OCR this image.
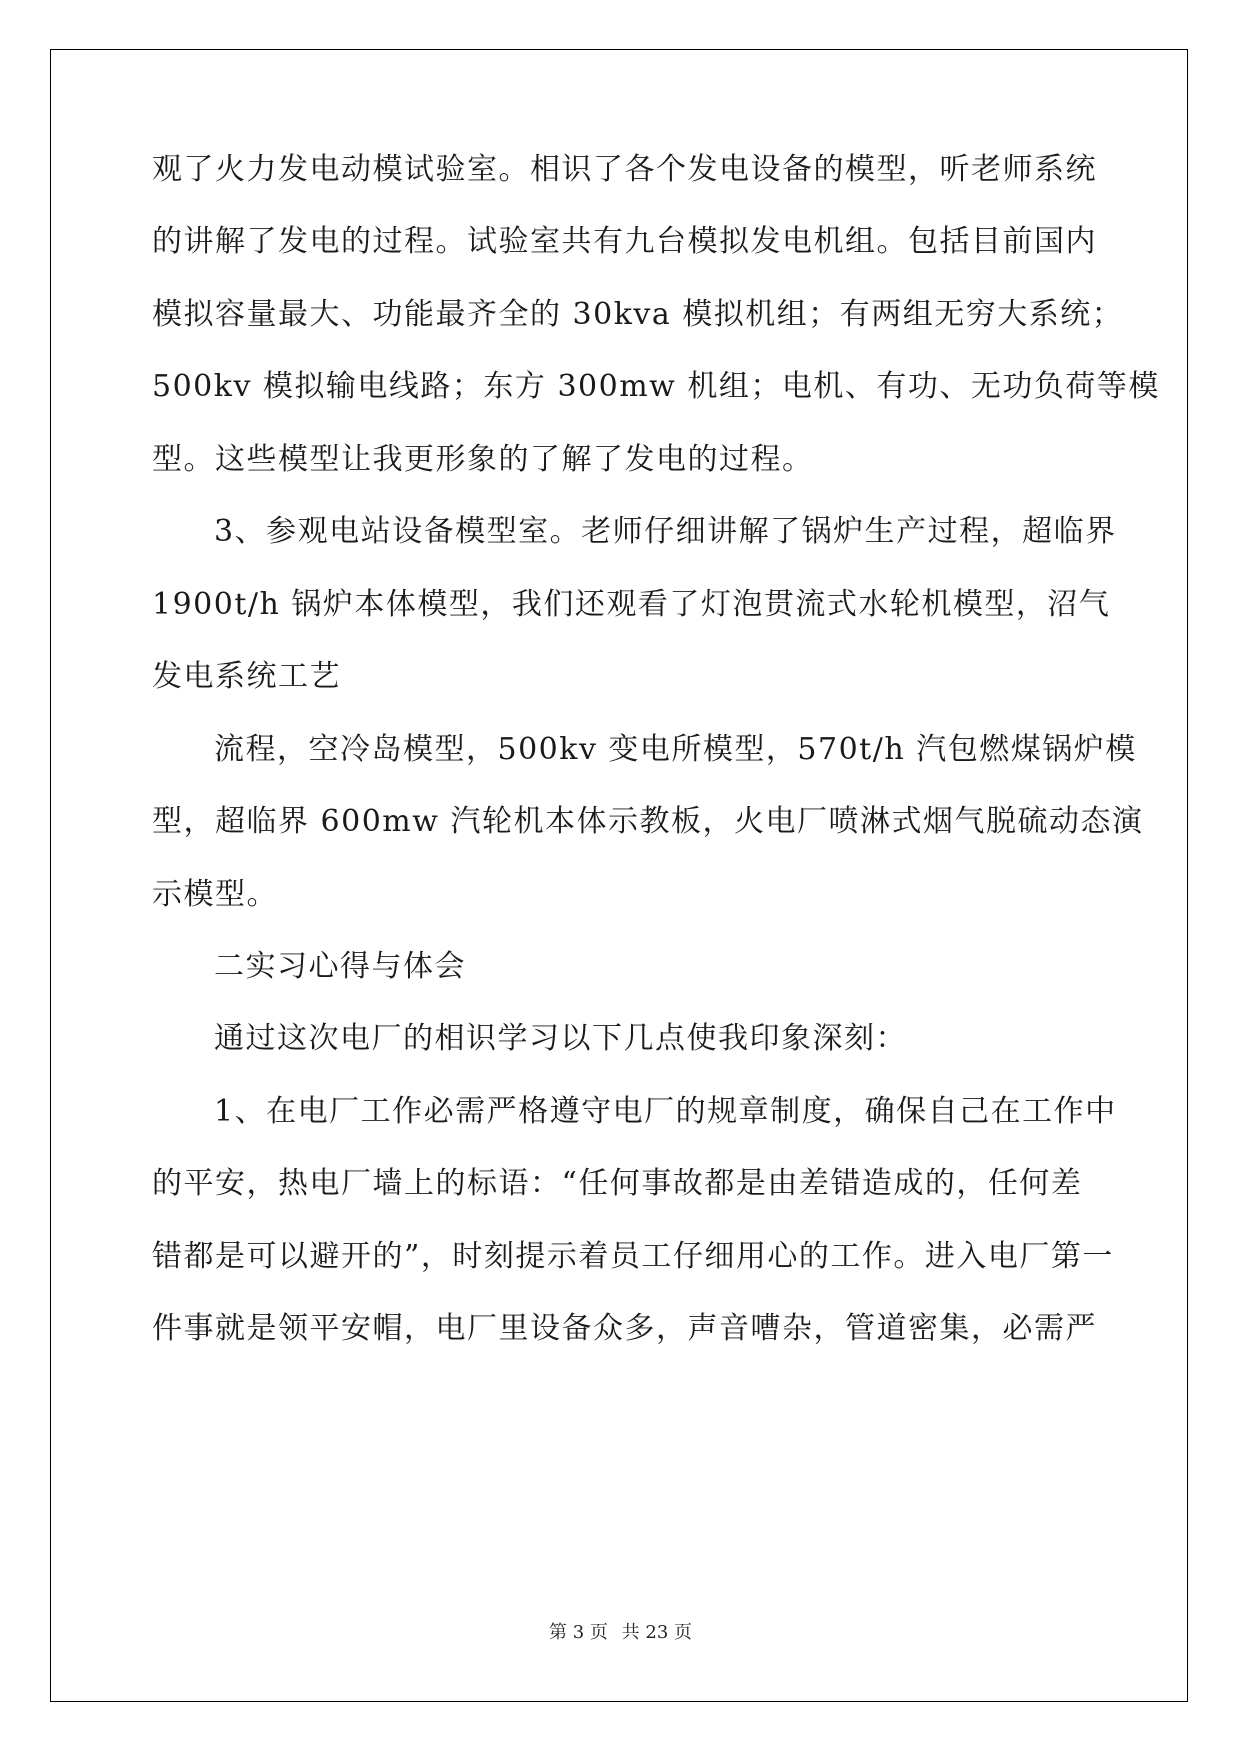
观了火力发电动模试验室。相识了各个发电设备的模型，听老师系统
的讲解了发电的过程。试验室共有九台模拟发电机组。包括目前国内
模拟容量最大、功能最齐全的 30kva 模拟机组；有两组无穷大系统；
500kv 模拟输电线路；东方 300mw 机组；电机、有功、无功负荷等模
型。这些模型让我更形象的了解了发电的过程。
3、参观电站设备模型室。老师仔细讲解了锅炉生产过程，超临界
1900t/h 锅炉本体模型，我们还观看了灯泡贯流式水轮机模型，沼气
发电系统工艺
流程，空冷岛模型，500kv 变电所模型，570t/h 汽包燃煤锅炉模
型，超临界 600mw 汽轮机本体示教板，火电厂喷淋式烟气脱硫动态演
示模型。
二实习心得与体会
通过这次电厂的相识学习以下几点使我印象深刻：
1、在电厂工作必需严格遵守电厂的规章制度，确保自己在工作中
的平安，热电厂墙上的标语：“任何事故都是由差错造成的，任何差
错都是可以避开的”，时刻提示着员工仔细用心的工作。进入电厂第一
件事就是领平安帽，电厂里设备众多，声音嘈杂，管道密集，必需严
第 3 页 共 23 页
